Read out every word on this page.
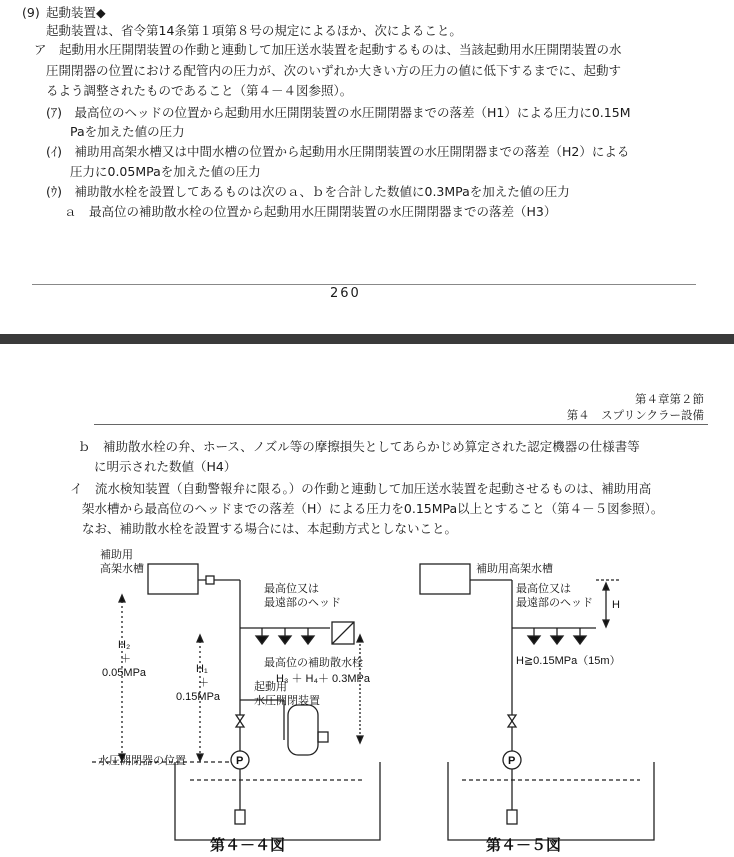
(9) 起動装置◆
起動装置は、省令第14条第１項第８号の規定によるほか、次によること。
ア　起動用水圧開閉装置の作動と連動して加圧送水装置を起動するものは、当該起動用水圧開閉装置の水
圧開閉器の位置における配管内の圧力が、次のいずれか大きい方の圧力の値に低下するまでに、起動す
るよう調整されたものであること（第４－４図参照）。
(ｱ)　最高位のヘッドの位置から起動用水圧開閉装置の水圧開閉器までの落差（H1）による圧力に0.15M
Paを加えた値の圧力
(ｲ)　補助用高架水槽又は中間水槽の位置から起動用水圧開閉装置の水圧開閉器までの落差（H2）による
圧力に0.05MPaを加えた値の圧力
(ｳ)　補助散水栓を設置してあるものは次のａ、ｂを合計した数値に0.3MPaを加えた値の圧力
ａ　最高位の補助散水栓の位置から起動用水圧開閉装置の水圧開閉器までの落差（H3）
260
第４章第２節
第４　スプリンクラー設備
ｂ　補助散水栓の弁、ホース、ノズル等の摩擦損失としてあらかじめ算定された認定機器の仕様書等
に明示された数値（H4）
イ　流水検知装置（自動警報弁に限る。）の作動と連動して加圧送水装置を起動させるものは、補助用高
架水槽から最高位のヘッドまでの落差（H）による圧力を0.15MPa以上とすること（第４－５図参照）。
なお、補助散水栓を設置する場合には、本起動方式としないこと。
補助用
高架水槽
最高位又は
最遠部のヘッド
H₂
＋
0.05MPa	H₁
＋
0.15MPa
最高位の補助散水栓
H₃ ＋ H₄＋ 0.3MPa
起動用
水圧開閉装置
水圧開閉器の位置	P
第４－４図
補助用高架水槽
最高位又は
最遠部のヘッド H
H≧0.15MPa（15m）
P
第４－５図
